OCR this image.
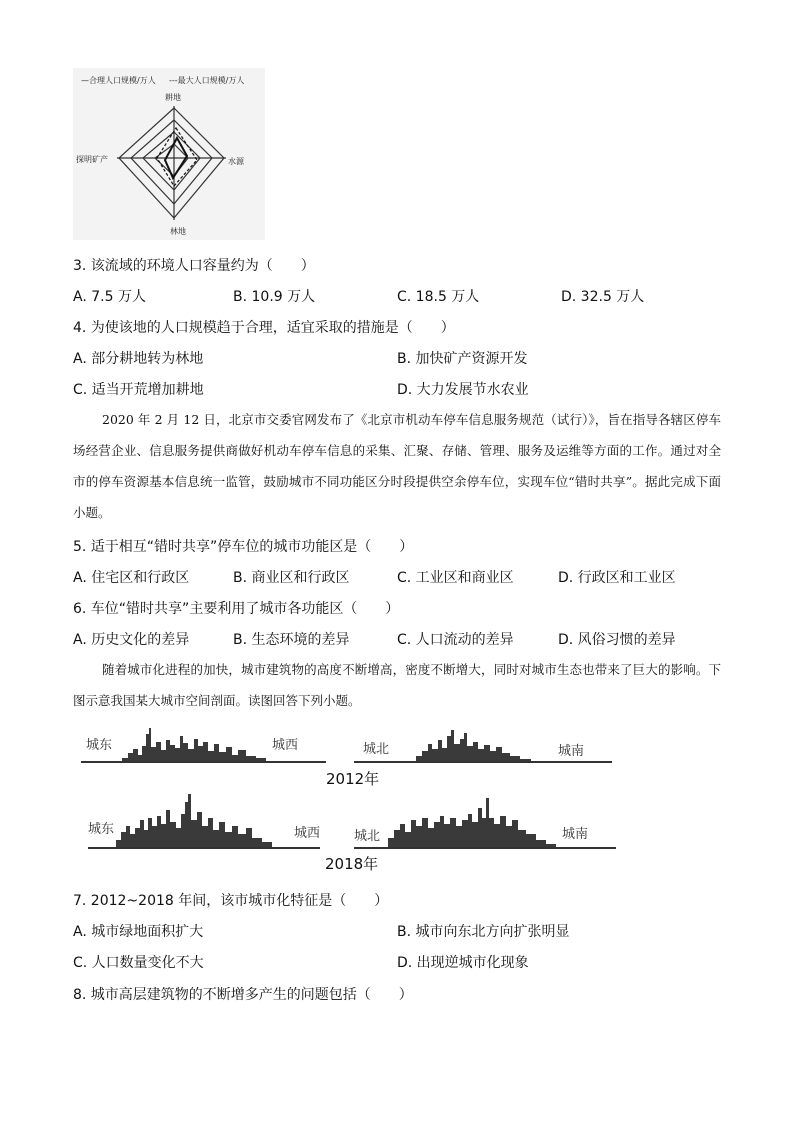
—合理人口规模/万人 ---最大人口规模/万人
耕地
探明矿产	水源
林地
3. 该流域的环境人口容量约为（　　）
A. 7.5 万人	B. 10.9 万人	C. 18.5 万人	D. 32.5 万人
4. 为使该地的人口规模趋于合理，适宜采取的措施是（　　）
A. 部分耕地转为林地	B. 加快矿产资源开发
C. 适当开荒增加耕地	D. 大力发展节水农业
2020 年 2 月 12 日，北京市交委官网发布了《北京市机动车停车信息服务规范（试行）》，旨在指导各辖区停车场经营企业、信息服务提供商做好机动车停车信息的采集、汇聚、存储、管理、服务及运维等方面的工作。通过对全市的停车资源基本信息统一监管，鼓励城市不同功能区分时段提供空余停车位，实现车位“错时共享”。据此完成下面小题。
5. 适于相互“错时共享”停车位的城市功能区是（　　）
A. 住宅区和行政区	B. 商业区和行政区	C. 工业区和商业区	D. 行政区和工业区
6. 车位“错时共享”主要利用了城市各功能区（　　）
A. 历史文化的差异	B. 生态环境的差异	C. 人口流动的差异	D. 风俗习惯的差异
随着城市化进程的加快，城市建筑物的高度不断增高，密度不断增大，同时对城市生态也带来了巨大的影响。下图示意我国某大城市空间剖面。读图回答下列小题。
城东	城西	城北	城南
2012年
城东	城西	城北	城南
2018年
7. 2012~2018 年间，该市城市化特征是（　　）
A. 城市绿地面积扩大	B. 城市向东北方向扩张明显
C. 人口数量变化不大	D. 出现逆城市化现象
8. 城市高层建筑物的不断增多产生的问题包括（　　）
